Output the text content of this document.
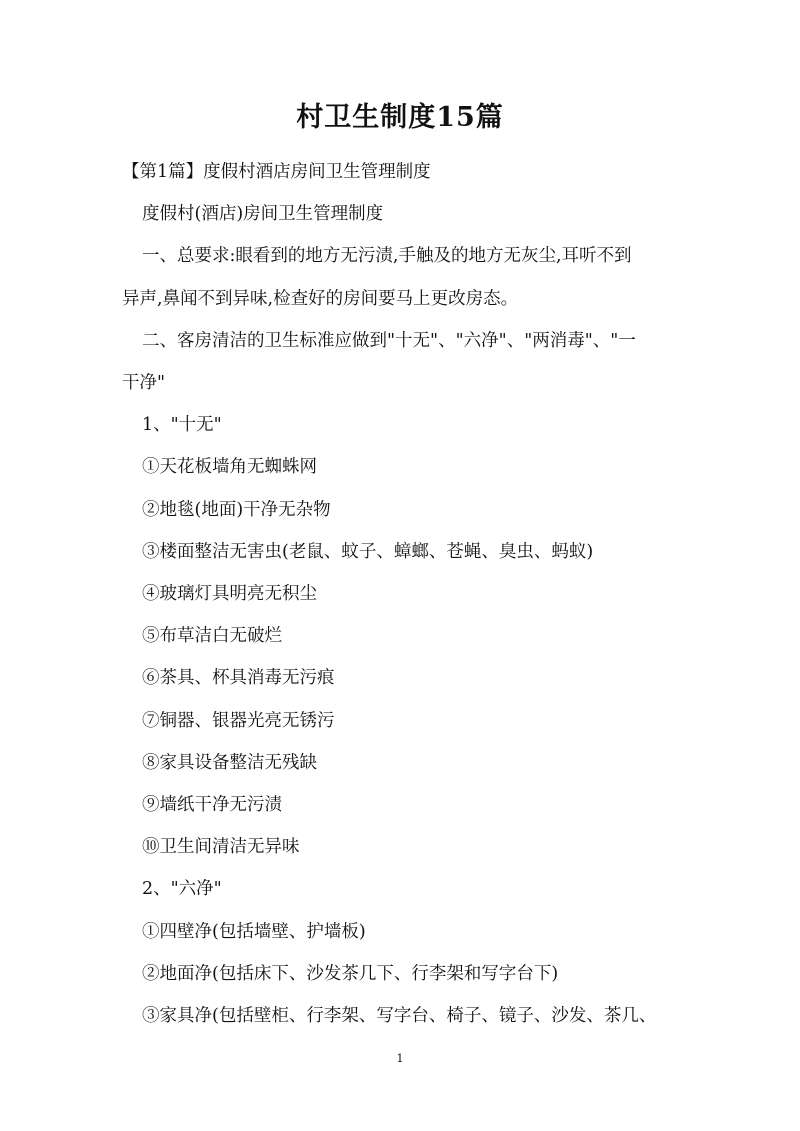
村卫生制度15篇

【第1篇】度假村酒店房间卫生管理制度

度假村(酒店)房间卫生管理制度

一、总要求:眼看到的地方无污渍,手触及的地方无灰尘,耳听不到

异声,鼻闻不到异味,检查好的房间要马上更改房态。

二、客房清洁的卫生标准应做到"十无"、"六净"、"两消毒"、"一

干净"

1、"十无"

①天花板墙角无蜘蛛网

②地毯(地面)干净无杂物

③楼面整洁无害虫(老鼠、蚊子、蟑螂、苍蝇、臭虫、蚂蚁)

④玻璃灯具明亮无积尘

⑤布草洁白无破烂

⑥茶具、杯具消毒无污痕

⑦铜器、银器光亮无锈污

⑧家具设备整洁无残缺

⑨墙纸干净无污渍

⑩卫生间清洁无异味

2、"六净"

①四壁净(包括墙壁、护墙板)

②地面净(包括床下、沙发茶几下、行李架和写字台下)

③家具净(包括壁柜、行李架、写字台、椅子、镜子、沙发、茶几、

1
